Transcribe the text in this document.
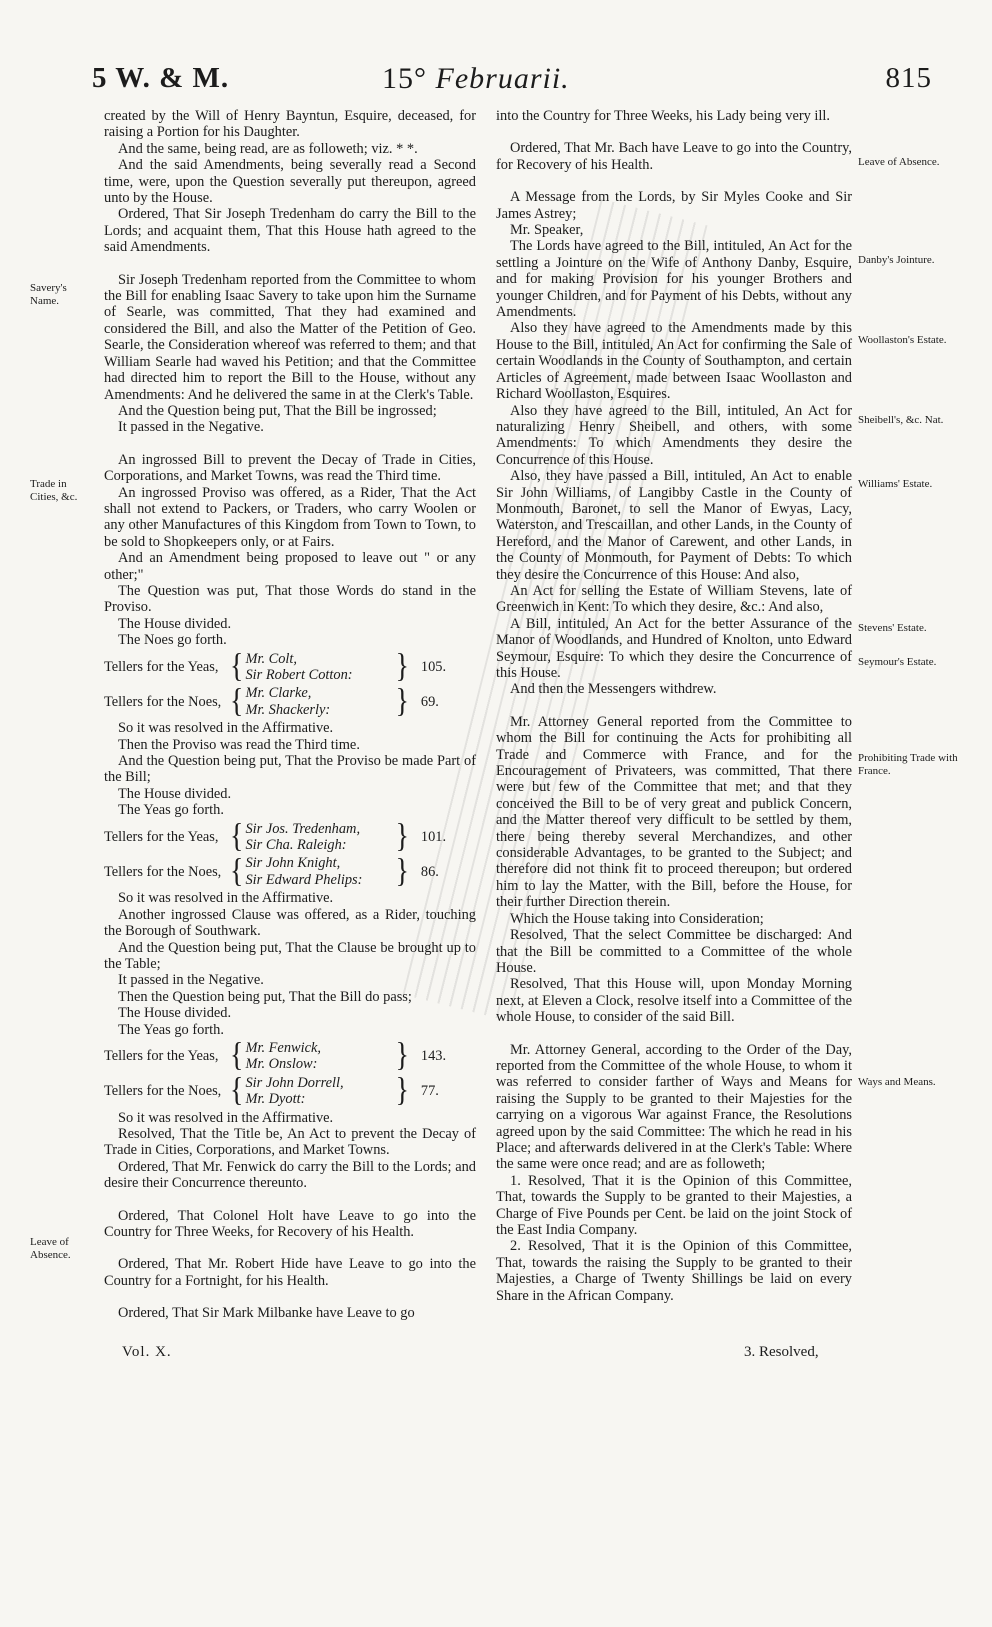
5 W. & M.	15° Februarii.	815
Savery's Name.
Trade in Cities, &c.
Leave of Absence.
Leave of Absence.
Danby's Jointure.
Woollaston's Estate.
Sheibell's, &c. Nat.
Williams' Estate.
Stevens' Estate.
Seymour's Estate.
Prohibiting Trade with France.
Ways and Means.

created by the Will of Henry Bayntun, Esquire, deceased, for raising a Portion for his Daughter.

And the same, being read, are as followeth; viz. * *.

And the said Amendments, being severally read a Second time, were, upon the Question severally put thereupon, agreed unto by the House.

Ordered, That Sir Joseph Tredenham do carry the Bill to the Lords; and acquaint them, That this House hath agreed to the said Amendments.

Sir Joseph Tredenham reported from the Committee to whom the Bill for enabling Isaac Savery to take upon him the Surname of Searle, was committed, That they had examined and considered the Bill, and also the Matter of the Petition of Geo. Searle, the Consideration whereof was referred to them; and that William Searle had waved his Petition; and that the Committee had directed him to report the Bill to the House, without any Amendments: And he delivered the same in at the Clerk's Table.

And the Question being put, That the Bill be ingrossed;

It passed in the Negative.

An ingrossed Bill to prevent the Decay of Trade in Cities, Corporations, and Market Towns, was read the Third time.

An ingrossed Proviso was offered, as a Rider, That the Act shall not extend to Packers, or Traders, who carry Woolen or any other Manufactures of this Kingdom from Town to Town, to be sold to Shopkeepers only, or at Fairs.

And an Amendment being proposed to leave out " or any other;"

The Question was put, That those Words do stand in the Proviso.

The House divided.

The Noes go forth.

Tellers for the Yeas, { Mr. Colt,
Sir Robert Cotton:	} 105.
Tellers for the Noes, { Mr. Clarke,
Mr. Shackerly:	} 69.

So it was resolved in the Affirmative.

Then the Proviso was read the Third time.

And the Question being put, That the Proviso be made Part of the Bill;

The House divided.

The Yeas go forth.

Tellers for the Yeas, { Sir Jos. Tredenham,
Sir Cha. Raleigh:	} 101.
Tellers for the Noes, { Sir John Knight,
Sir Edward Phelips:	} 86.

So it was resolved in the Affirmative.

Another ingrossed Clause was offered, as a Rider, touching the Borough of Southwark.

And the Question being put, That the Clause be brought up to the Table;

It passed in the Negative.

Then the Question being put, That the Bill do pass;

The House divided.

The Yeas go forth.

Tellers for the Yeas, { Mr. Fenwick,
Mr. Onslow:	} 143.
Tellers for the Noes, { Sir John Dorrell,
Mr. Dyott:	} 77.

So it was resolved in the Affirmative.

Resolved, That the Title be, An Act to prevent the Decay of Trade in Cities, Corporations, and Market Towns.

Ordered, That Mr. Fenwick do carry the Bill to the Lords; and desire their Concurrence thereunto.

Ordered, That Colonel Holt have Leave to go into the Country for Three Weeks, for Recovery of his Health.

Ordered, That Mr. Robert Hide have Leave to go into the Country for a Fortnight, for his Health.

Ordered, That Sir Mark Milbanke have Leave to go

into the Country for Three Weeks, his Lady being very ill.

Ordered, That Mr. Bach have Leave to go into the Country, for Recovery of his Health.

A Message from the Lords, by Sir Myles Cooke and Sir James Astrey;

Mr. Speaker,

The Lords have agreed to the Bill, intituled, An Act for the settling a Jointure on the Wife of Anthony Danby, Esquire, and for making Provision for his younger Brothers and younger Children, and for Payment of his Debts, without any Amendments.

Also they have agreed to the Amendments made by this House to the Bill, intituled, An Act for confirming the Sale of certain Woodlands in the County of Southampton, and certain Articles of Agreement, made between Isaac Woollaston and Richard Woollaston, Esquires.

Also they have agreed to the Bill, intituled, An Act for naturalizing Henry Sheibell, and others, with some Amendments: To which Amendments they desire the Concurrence of this House.

Also, they have passed a Bill, intituled, An Act to enable Sir John Williams, of Langibby Castle in the County of Monmouth, Baronet, to sell the Manor of Ewyas, Lacy, Waterston, and Trescaillan, and other Lands, in the County of Hereford, and the Manor of Carewent, and other Lands, in the County of Monmouth, for Payment of Debts: To which they desire the Concurrence of this House: And also,

An Act for selling the Estate of William Stevens, late of Greenwich in Kent: To which they desire, &c.: And also,

A Bill, intituled, An Act for the better Assurance of the Manor of Woodlands, and Hundred of Knolton, unto Edward Seymour, Esquire: To which they desire the Concurrence of this House.

And then the Messengers withdrew.

Mr. Attorney General reported from the Committee to whom the Bill for continuing the Acts for prohibiting all Trade and Commerce with France, and for the Encouragement of Privateers, was committed, That there were but few of the Committee that met; and that they conceived the Bill to be of very great and publick Concern, and the Matter thereof very difficult to be settled by them, there being thereby several Merchandizes, and other considerable Advantages, to be granted to the Subject; and therefore did not think fit to proceed thereupon; but ordered him to lay the Matter, with the Bill, before the House, for their further Direction therein.

Which the House taking into Consideration;

Resolved, That the select Committee be discharged: And that the Bill be committed to a Committee of the whole House.

Resolved, That this House will, upon Monday Morning next, at Eleven a Clock, resolve itself into a Committee of the whole House, to consider of the said Bill.

Mr. Attorney General, according to the Order of the Day, reported from the Committee of the whole House, to whom it was referred to consider farther of Ways and Means for raising the Supply to be granted to their Majesties for the carrying on a vigorous War against France, the Resolutions agreed upon by the said Committee: The which he read in his Place; and afterwards delivered in at the Clerk's Table: Where the same were once read; and are as followeth;

1. Resolved, That it is the Opinion of this Committee, That, towards the Supply to be granted to their Majesties, a Charge of Five Pounds per Cent. be laid on the joint Stock of the East India Company.

2. Resolved, That it is the Opinion of this Committee, That, towards the raising the Supply to be granted to their Majesties, a Charge of Twenty Shillings be laid on every Share in the African Company.

Vol. X.	3. Resolved,
